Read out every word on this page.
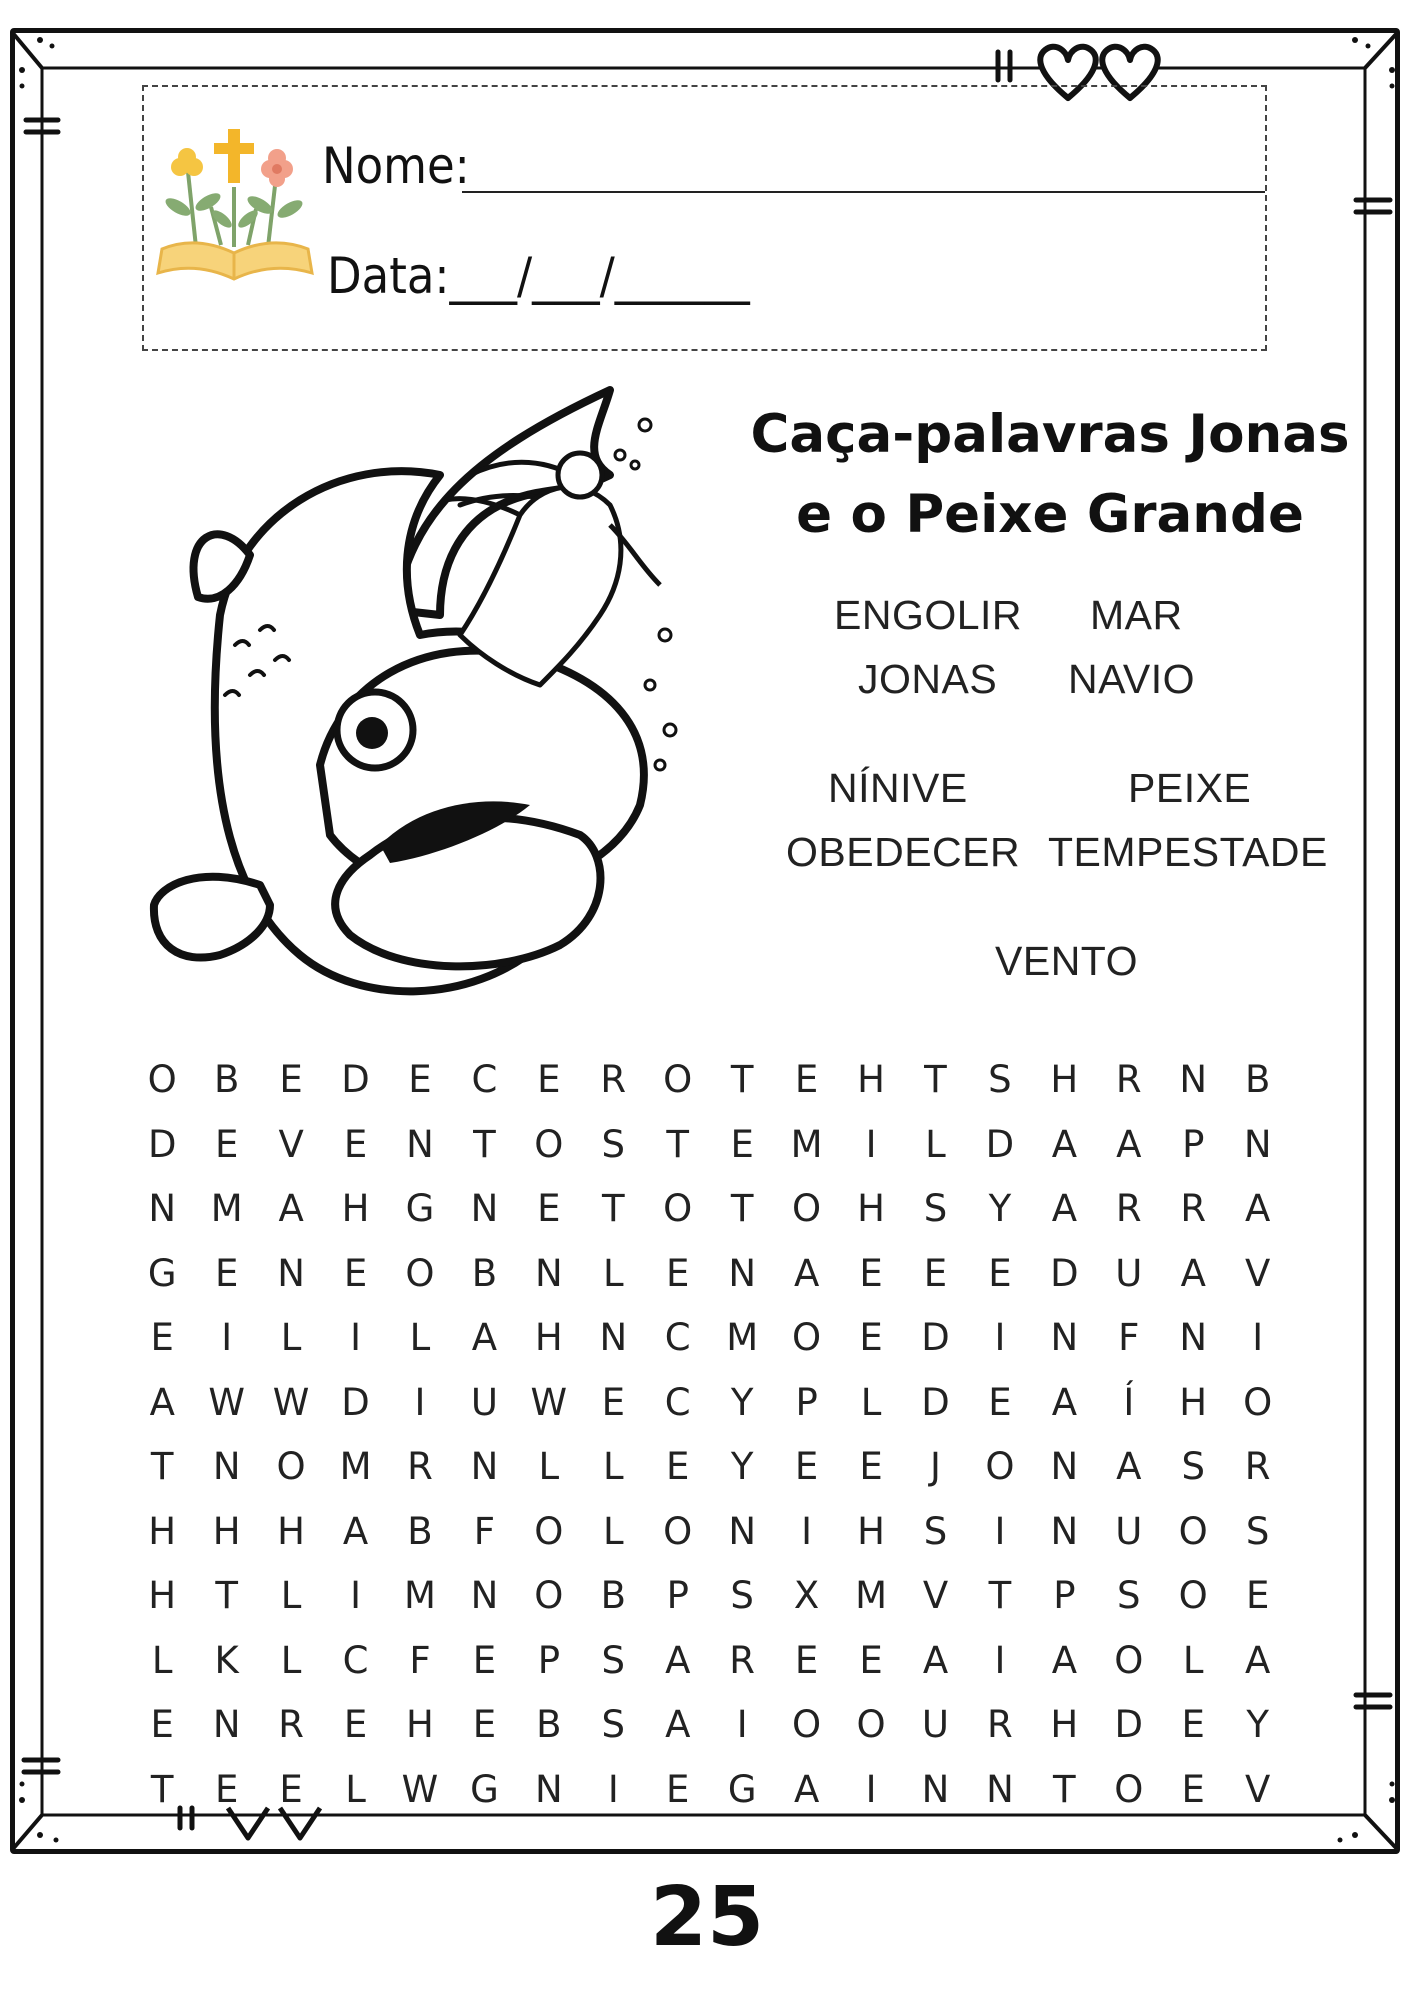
Nome:
Data:___/___/______
Caça-palavras Jonas
e o Peixe Grande
ENGOLIR MAR
JONAS NAVIO
NÍNIVE	PEIXE
OBEDECER TEMPESTADE
VENTO
O	B	E	D	E	C	E	R	O	T	E	H	T	S	H	R	N	B
D	E	V	E	N	T	O	S	T	E M	I	L	D	A	A	P	N
N M A	H G N	E	T	O	T	O H	S	Y	A	R	R	A
G	E	N	E	O	B	N	L	E	N	A	E	E	E	D U	A	V
E	I	L	I	L	A	H N	C M O	E	D	I	N	F	N	I
A W W D	I	U W E	C	Y	P	L	D	E	A	Í	H O
T	N O M R	N	L	L	E	Y	E	E	J	O N	A	S	R
H H H	A	B	F	O	L	O N	I	H	S	I	N	U O	S
H	T	L	I	M N O	B	P	S	X M V	T	P	S	O	E
L	K	L	C	F	E	P	S	A	R	E	E	A	I	A	O	L	A
E	N	R	E	H	E	B	S	A	I	O O U	R	H D	E	Y
T	E	E	L W G N	I	E	G	A	I	N N	T	O	E	V
25
